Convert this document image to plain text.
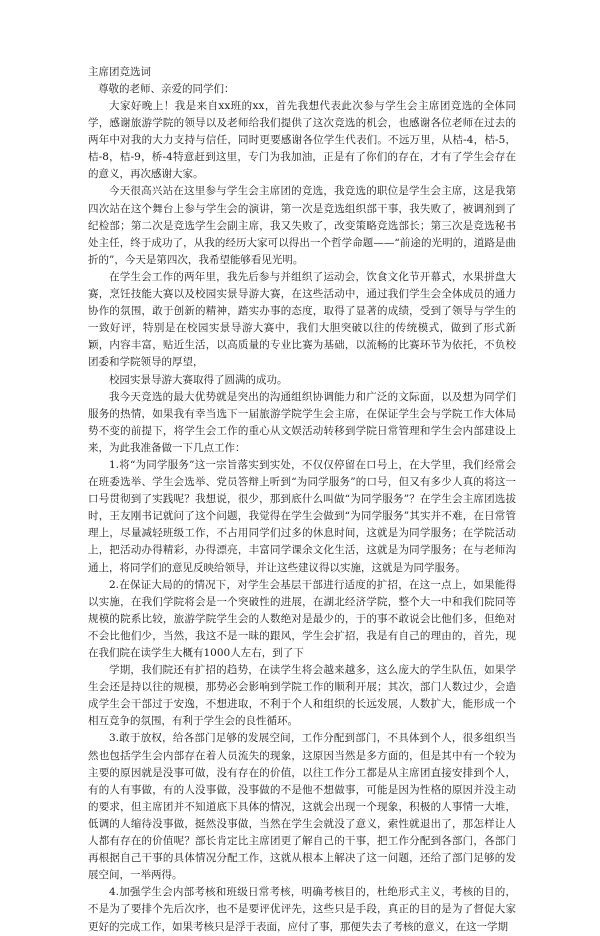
主席团竞选词

尊敬的老师、亲爱的同学们：

大家好晚上！我是来自xx班的xx，首先我想代表此次参与学生会主席团竞选的全体同学，感谢旅游学院的领导以及老师给我们提供了这次竞选的机会，也感谢各位老师在过去的两年中对我的大力支持与信任，同时更要感谢各位学生代表们。不远万里，从桔-4，桔-5，桔-8，桔-9，桥-4特意赶到这里，专门为我加油，正是有了你们的存在，才有了学生会存在的意义，再次感谢大家。

今天很高兴站在这里参与学生会主席团的竞选，我竞选的职位是学生会主席，这是我第四次站在这个舞台上参与学生会的演讲，第一次是竞选组织部干事，我失败了，被调剂到了纪检部；第二次是竞选学生会副主席，我又失败了，改变策略竞选部长；第三次是竞选秘书处主任，终于成功了，从我的经历大家可以得出一个哲学命题——“前途的光明的，道路是曲折的”，今天是第四次，我希望能够看见光明。

在学生会工作的两年里，我先后参与并组织了运动会，饮食文化节开幕式，水果拼盘大赛，烹饪技能大赛以及校园实景导游大赛，在这些活动中，通过我们学生会全体成员的通力协作的氛围，敢于创新的精神，踏实办事的态度，取得了显著的成绩，受到了领导与学生的一致好评，特别是在校园实景导游大赛中，我们大胆突破以往的传统模式，做到了形式新颖，内容丰富，贴近生活，以高质量的专业比赛为基础，以流畅的比赛环节为依托，不负校团委和学院领导的厚望，

校园实景导游大赛取得了圆满的成功。

我今天竞选的最大优势就是突出的沟通组织协调能力和广泛的文际面，以及想为同学们服务的热情，如果我有幸当选下一届旅游学院学生会主席，在保证学生会与学院工作大体局势不变的前提下，将学生会工作的重心从文娱活动转移到学院日常管理和学生会内部建设上来，为此我准备做一下几点工作：

1.将“为同学服务”这一宗旨落实到实处，不仅仅停留在口号上，在大学里，我们经常会在班委选举、学生会选举、党员答辩上听到“为同学服务”的口号，但又有多少人真的将这一口号贯彻到了实践呢？我想说，很少，那到底什么叫做“为同学服务”？在学生会主席团选拔时，王友刚书记就问了这个问题，我觉得在学生会做到“为同学服务”其实并不难，在日常管理上，尽量减轻班级工作，不占用同学们过多的休息时间，这就是为同学服务；在学院活动上，把活动办得精彩，办得漂亮，丰富同学课余文化生活，这就是为同学服务；在与老师沟通上，将同学们的意见反映给领导，并让这些建议得以实施，这就是为同学服务。

2.在保证大局的的情况下，对学生会基层干部进行适度的扩招，在这一点上，如果能得以实施，在我们学院将会是一个突破性的进展，在湖北经济学院，整个大一中和我们院同等规模的院系比较，旅游学院学生会的人数绝对是最少的，于的事不敢说会比他们多，但绝对不会比他们少，当然，我这不是一昧的跟风，学生会扩招，我是有自己的理由的，首先，现在我们院在读学生大概有1000人左右，到了下

学期，我们院还有扩招的趋势，在读学生将会越来越多，这么庞大的学生队伍，如果学生会还是持以往的规模，那势必会影响到学院工作的顺利开展；其次，部门人数过少，会造成学生会干部过于安逸，不想进取，不利于个人和组织的长远发展，人数扩大，能形成一个相互竞争的氛围，有利于学生会的良性循环。

3.敢于放权，给各部门足够的发展空间，工作分配到部门，不具体到个人，很多组织当然也包括学生会内部存在着人员流失的现象，这原因当然是多方面的，但是其中有一个较为主要的原因就是没事可做，没有存在的价值，以往工作分工都是从主席团直接安排到个人，有的人有事做，有的人没事做，没事做的不是他不想做事，可能是因为性格的原因并没主动的要求，但主席团并不知道底下具体的情况，这就会出现一个现象，积极的人事情一大堆，低调的人缩待没事做，挺然没事做，当然在学生会就没了意义，索性就退出了，那怎样让人人都有存在的价值呢？部长肯定比主席团更了解自己的干事，把工作分配到各部门，各部门再根据自己干事的具体情况分配工作，这就从根本上解决了这一问题，还给了部门足够的发展空间，一举两得。

4.加强学生会内部考核和班级日常考核，明确考核目的，杜绝形式主义，考核的目的，不是为了要排个先后次序，也不是要评优评先，这些只是手段，真正的目的是为了督促大家更好的完成工作，如果考核只是浮于表面，应付了事，那便失去了考核的意义，在这一学期
